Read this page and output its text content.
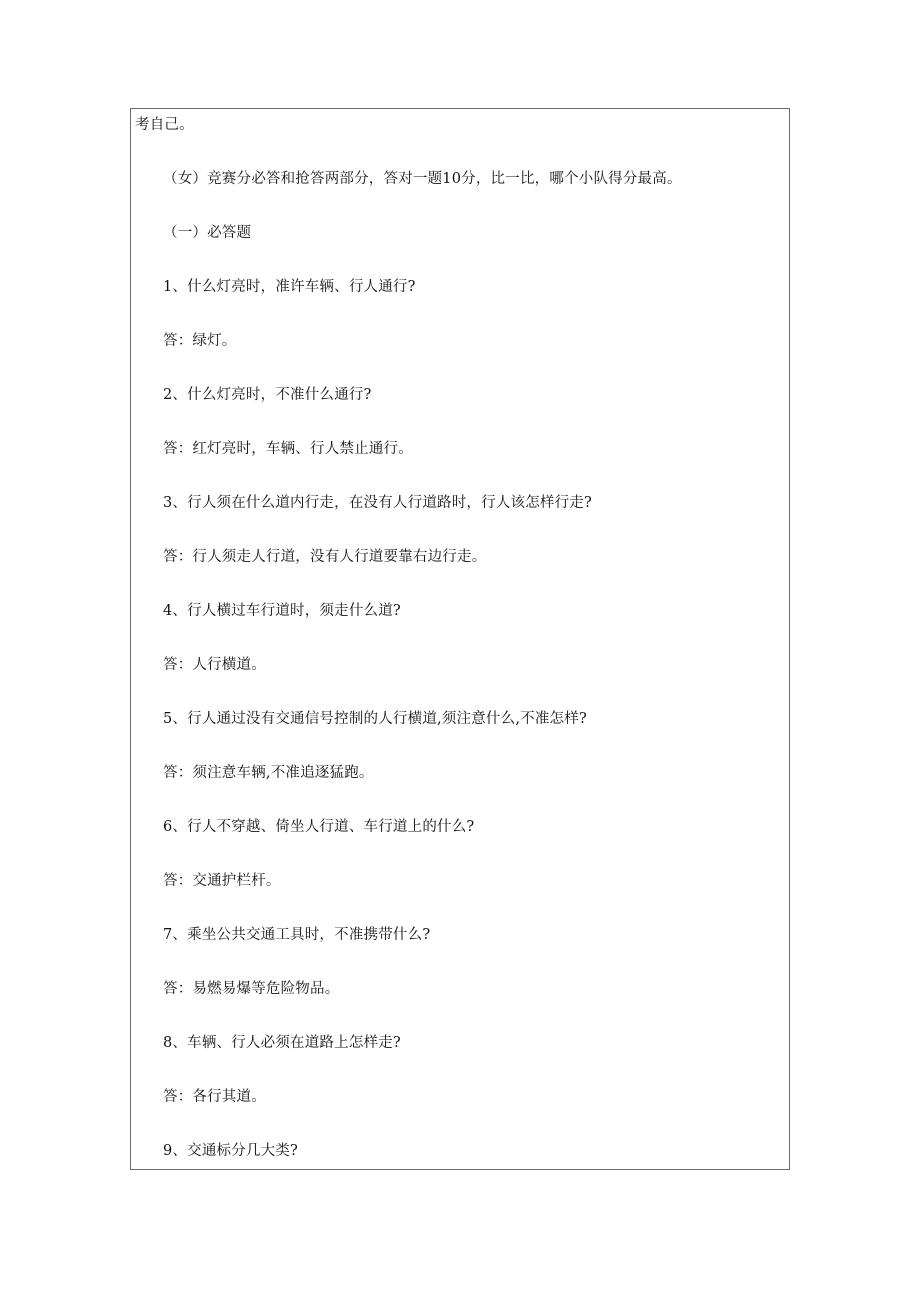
考自己。
（女）竞赛分必答和抢答两部分，答对一题10分，比一比，哪个小队得分最高。
（一）必答题
1、什么灯亮时，准许车辆、行人通行?
答：绿灯。
2、什么灯亮时，不准什么通行?
答：红灯亮时，车辆、行人禁止通行。
3、行人须在什么道内行走，在没有人行道路时，行人该怎样行走?
答：行人须走人行道，没有人行道要靠右边行走。
4、行人横过车行道时，须走什么道?
答：人行横道。
5、行人通过没有交通信号控制的人行横道,须注意什么,不准怎样?
答：须注意车辆,不准追逐猛跑。
6、行人不穿越、倚坐人行道、车行道上的什么?
答：交通护栏杆。
7、乘坐公共交通工具时，不准携带什么?
答：易燃易爆等危险物品。
8、车辆、行人必须在道路上怎样走?
答：各行其道。
9、交通标分几大类?
